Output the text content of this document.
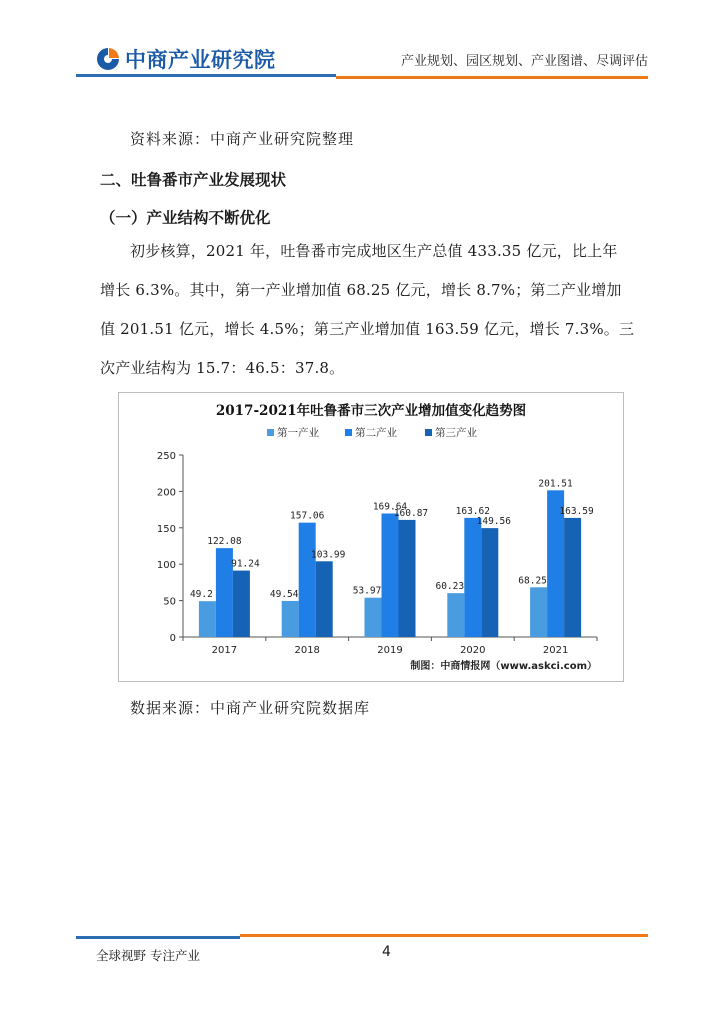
中商产业研究院	产业规划、园区规划、产业图谱、尽调评估
资料来源：中商产业研究院整理
二、吐鲁番市产业发展现状
（一）产业结构不断优化
初步核算，2021 年，吐鲁番市完成地区生产总值 433.35 亿元，比上年
增长 6.3%。其中，第一产业增加值 68.25 亿元，增长 8.7%；第二产业增加
值 201.51 亿元，增长 4.5%；第三产业增加值 163.59 亿元，增长 7.3%。三
次产业结构为 15.7：46.5：37.8。
2017-2021年吐鲁番市三次产业增加值变化趋势图
第一产业	第二产业	第三产业
0
50
100
150
200
250
2017	2018	2019	2020	2021
49.2
122.08
91.24
49.54
157.06
103.99
53.97
169.64
160.87
60.23
163.62
149.56
68.25
201.51
163.59
制图：中商情报网（www.askci.com）
数据来源：中商产业研究院数据库
全球视野 专注产业	4
